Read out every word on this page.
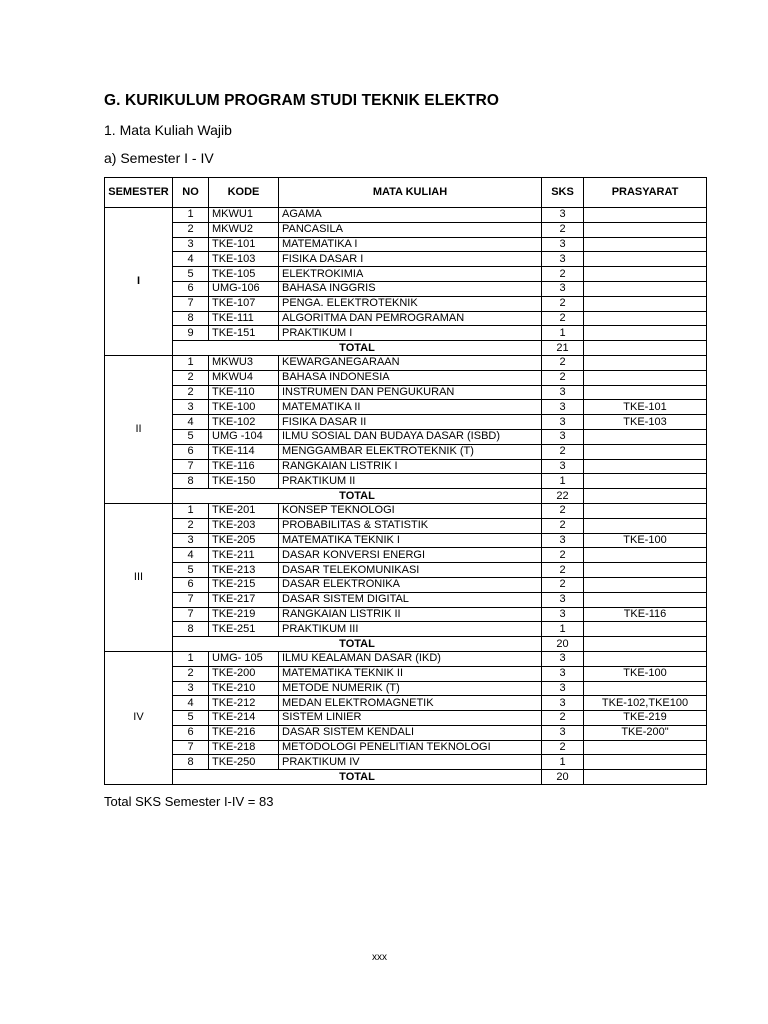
G. KURIKULUM PROGRAM STUDI TEKNIK ELEKTRO
1. Mata Kuliah Wajib
a) Semester I - IV
SEMESTER	NO	KODE	MATA KULIAH	SKS	PRASYARAT
I	1	MKWU1	AGAMA	3	
	2	MKWU2	PANCASILA	2	
	3	TKE-101	MATEMATIKA I	3	
	4	TKE-103	FISIKA DASAR I	3	
	5	TKE-105	ELEKTROKIMIA	2	
	6	UMG-106	BAHASA INGGRIS	3	
	7	TKE-107	PENGA. ELEKTROTEKNIK	2	
	8	TKE-111	ALGORITMA DAN PEMROGRAMAN	2	
	9	TKE-151	PRAKTIKUM I	1	
	TOTAL			21	
II	1	MKWU3	KEWARGANEGARAAN	2	
	2	MKWU4	BAHASA INDONESIA	2	
	2	TKE-110	INSTRUMEN DAN PENGUKURAN	3	
	3	TKE-100	MATEMATIKA II	3	TKE-101
	4	TKE-102	FISIKA DASAR II	3	TKE-103
	5	UMG -104	ILMU SOSIAL DAN BUDAYA DASAR (ISBD)	3	
	6	TKE-114	MENGGAMBAR ELEKTROTEKNIK (T)	2	
	7	TKE-116	RANGKAIAN LISTRIK I	3	
	8	TKE-150	PRAKTIKUM II	1	
	TOTAL			22	
III	1	TKE-201	KONSEP TEKNOLOGI	2	
	2	TKE-203	PROBABILITAS & STATISTIK	2	
	3	TKE-205	MATEMATIKA TEKNIK I	3	TKE-100
	4	TKE-211	DASAR KONVERSI ENERGI	2	
	5	TKE-213	DASAR TELEKOMUNIKASI	2	
	6	TKE-215	DASAR ELEKTRONIKA	2	
	7	TKE-217	DASAR SISTEM DIGITAL	3	
	7	TKE-219	RANGKAIAN LISTRIK II	3	TKE-116
	8	TKE-251	PRAKTIKUM III	1	
	TOTAL			20	
IV	1	UMG- 105	ILMU KEALAMAN DASAR (IKD)	3	
	2	TKE-200	MATEMATIKA TEKNIK II	3	TKE-100
	3	TKE-210	METODE NUMERIK (T)	3	
	4	TKE-212	MEDAN ELEKTROMAGNETIK	3	TKE-102,TKE100
	5	TKE-214	SISTEM LINIER	2	TKE-219
	6	TKE-216	DASAR SISTEM KENDALI	3	TKE-200"
	7	TKE-218	METODOLOGI PENELITIAN TEKNOLOGI	2	
	8	TKE-250	PRAKTIKUM IV	1	
	TOTAL			20	
Total SKS Semester I-IV = 83
xxx
